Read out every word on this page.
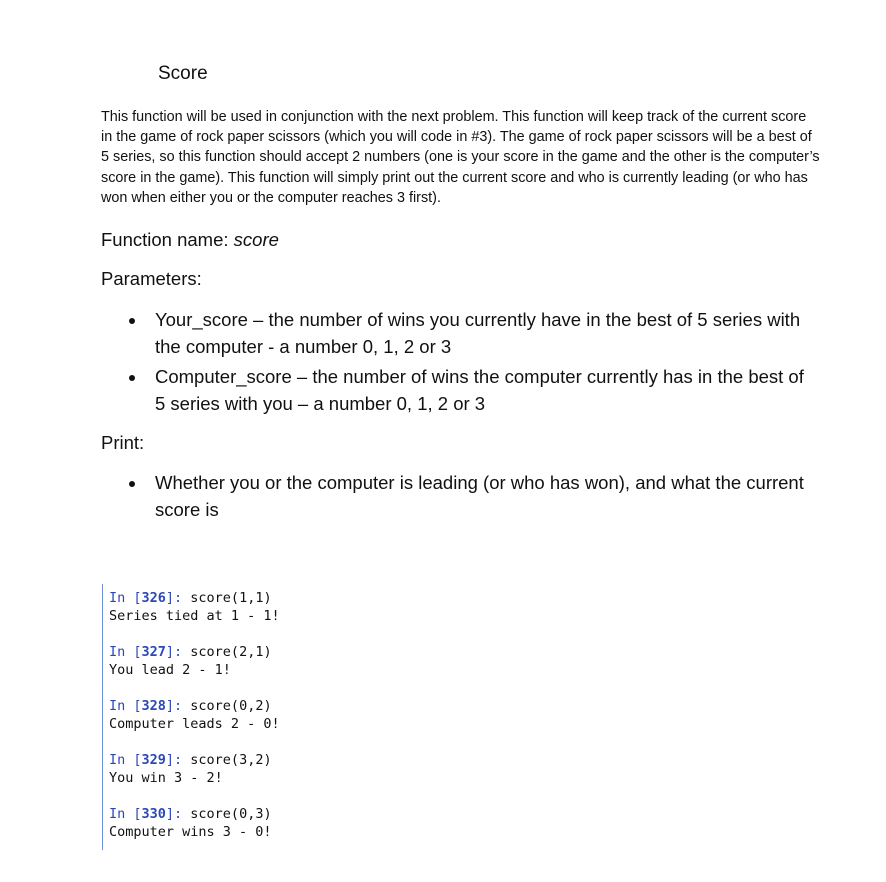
Score
This function will be used in conjunction with the next problem. This function will keep track of the current score in the game of rock paper scissors (which you will code in #3). The game of rock paper scissors will be a best of 5 series, so this function should accept 2 numbers (one is your score in the game and the other is the computer’s score in the game). This function will simply print out the current score and who is currently leading (or who has won when either you or the computer reaches 3 first).
Function name: score
Parameters:
Your_score – the number of wins you currently have in the best of 5 series with the computer - a number 0, 1, 2 or 3
Computer_score – the number of wins the computer currently has in the best of 5 series with you – a number 0, 1, 2 or 3
Print:
Whether you or the computer is leading (or who has won), and what the current score is
In [326]: score(1,1)
Series tied at 1 - 1!
In [327]: score(2,1)
You lead 2 - 1!
In [328]: score(0,2)
Computer leads 2 - 0!
In [329]: score(3,2)
You win 3 - 2!
In [330]: score(0,3)
Computer wins 3 - 0!
